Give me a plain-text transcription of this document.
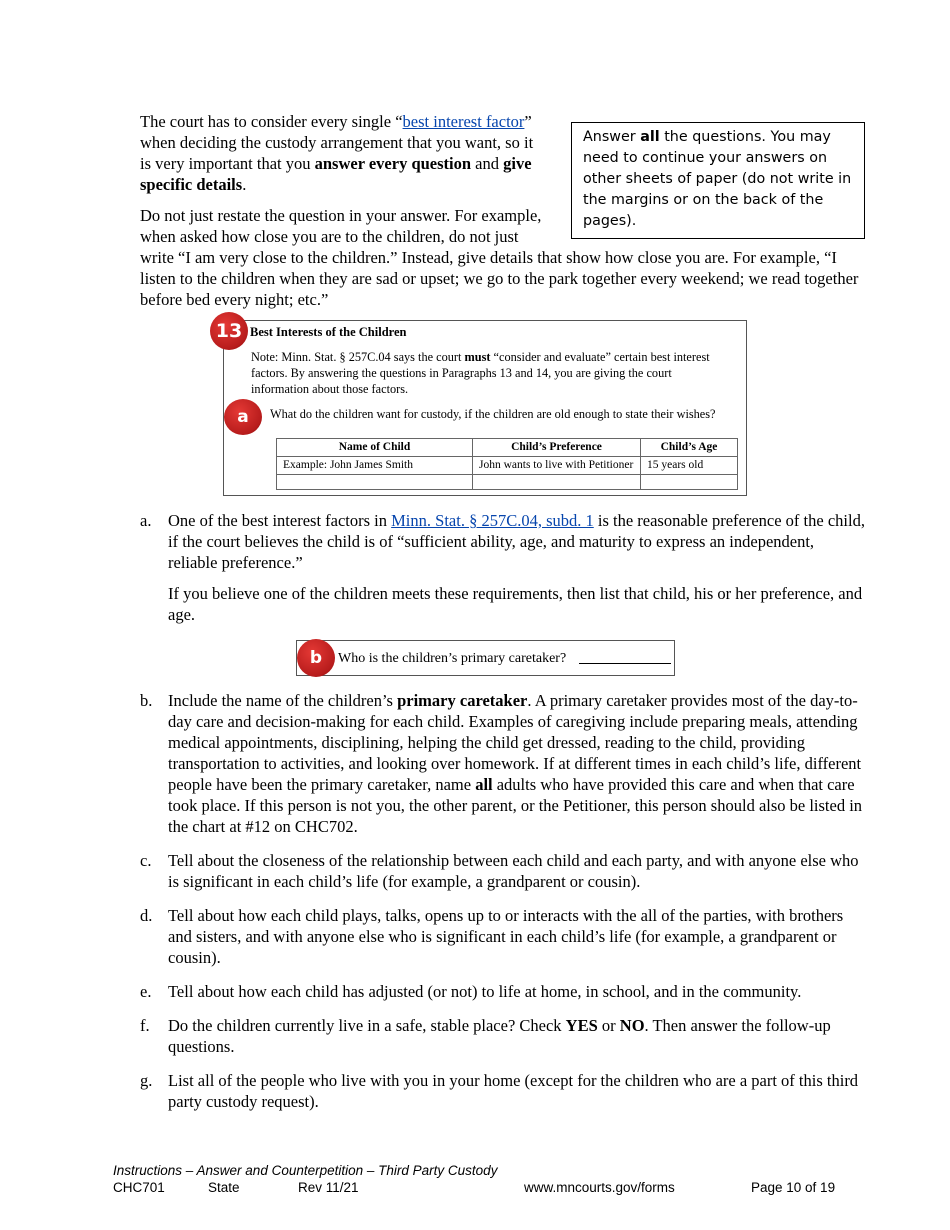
Answer all the questions. You may need to continue your answers on other sheets of paper (do not write in the margins or on the back of the pages).

The court has to consider every single “best interest factor” when deciding the custody arrangement that you want, so it is very important that you answer every question and give specific details.

Do not just restate the question in your answer. For example, when asked how close you are to the children, do not just write “I am very close to the children.” Instead, give details that show how close you are. For example, “I listen to the children when they are sad or upset; we go to the park together every weekend; we read together before bed every night; etc.”

13 Best Interests of the Children
Note: Minn. Stat. § 257C.04 says the court must “consider and evaluate” certain best interest factors. By answering the questions in Paragraphs 13 and 14, you are giving the court information about those factors.
a	What do the children want for custody, if the children are old enough to state their wishes?
Name of Child	Child’s Preference	Child’s Age
Example: John James Smith	John wants to live with Petitioner	15 years old

a.	One of the best interest factors in Minn. Stat. § 257C.04, subd. 1 is the reasonable preference of the child, if the court believes the child is of “sufficient ability, age, and maturity to express an independent, reliable preference.”
If you believe one of the children meets these requirements, then list that child, his or her preference, and age.
b	Who is the children’s primary caretaker?
b. Include the name of the children’s primary caretaker. A primary caretaker provides most of the day-to-day care and decision-making for each child. Examples of caregiving include preparing meals, attending medical appointments, disciplining, helping the child get dressed, reading to the child, providing transportation to activities, and looking over homework. If at different times in each child’s life, different people have been the primary caretaker, name all adults who have provided this care and when that care took place. If this person is not you, the other parent, or the Petitioner, this person should also be listed in the chart at #12 on CHC702.
c.	Tell about the closeness of the relationship between each child and each party, and with anyone else who is significant in each child’s life (for example, a grandparent or cousin).
d. Tell about how each child plays, talks, opens up to or interacts with the all of the parties, with brothers and sisters, and with anyone else who is significant in each child’s life (for example, a grandparent or cousin).
e.	Tell about how each child has adjusted (or not) to life at home, in school, and in the community.
f.	Do the children currently live in a safe, stable place? Check YES or NO. Then answer the follow-up questions.
g. List all of the people who live with you in your home (except for the children who are a part of this third party custody request).
Instructions – Answer and Counterpetition – Third Party Custody
CHC701	State	Rev 11/21	www.mncourts.gov/forms	Page 10 of 19
